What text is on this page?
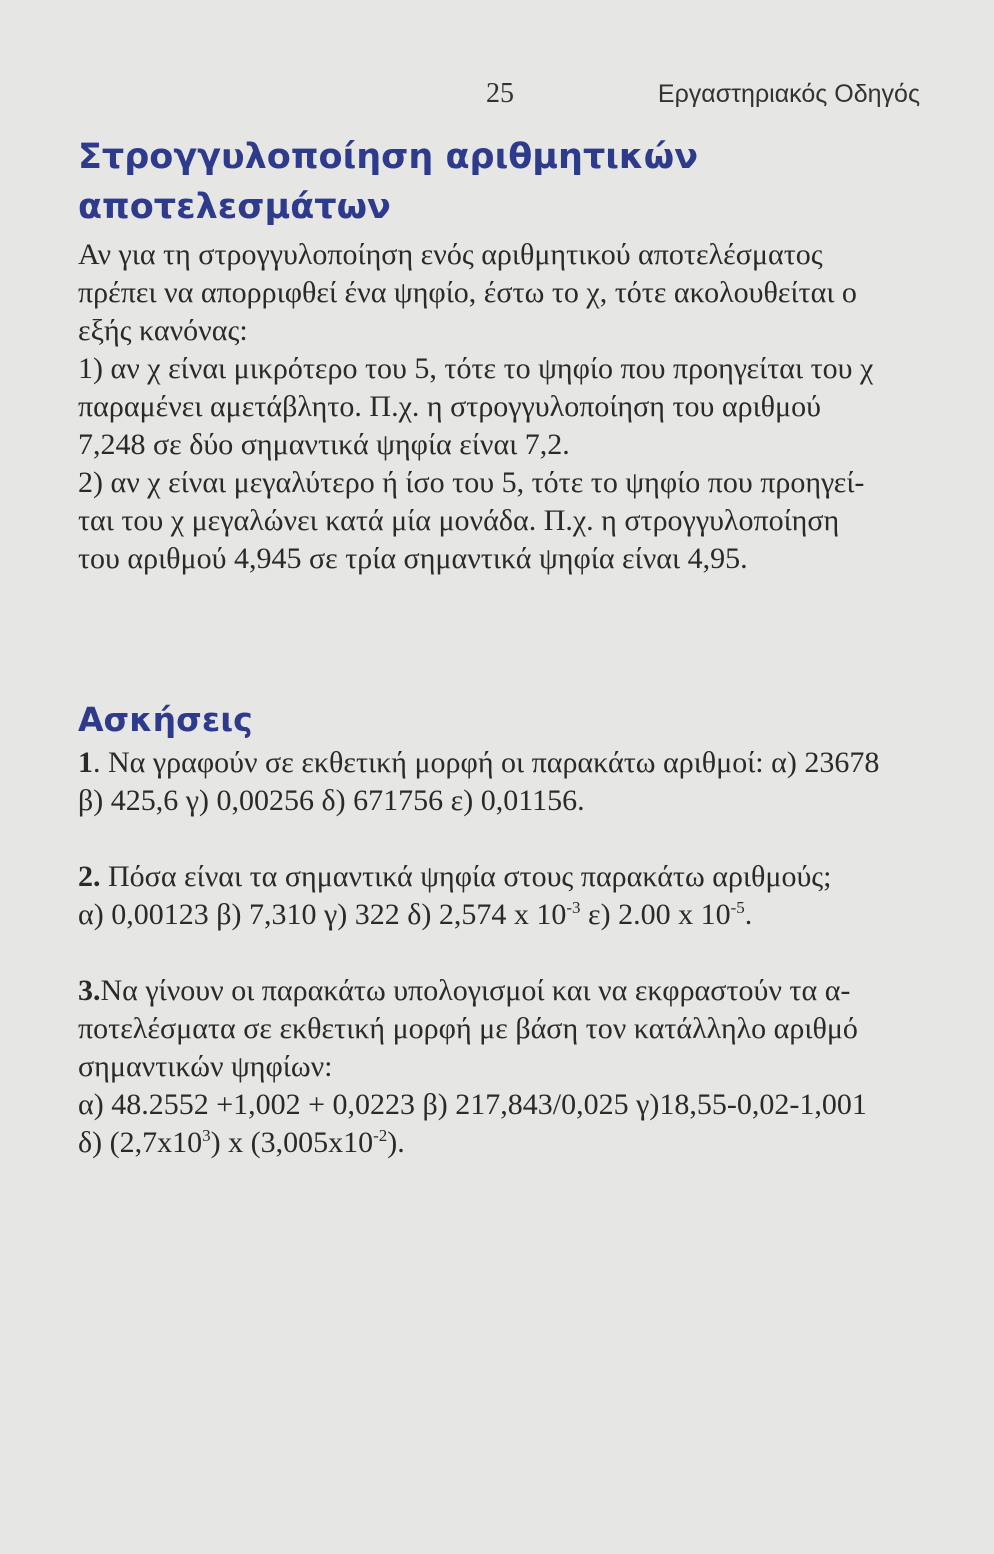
25	Εργαστηριακός Οδηγός
Στρογγυλοποίηση αριθμητικών αποτελεσμάτων

Αν για τη στρογγυλοποίηση ενός αριθμητικού αποτελέσματος
πρέπει να απορριφθεί ένα ψηφίο, έστω το χ, τότε ακολουθείται ο
εξής κανόνας:

1) αν χ είναι μικρότερο του 5, τότε το ψηφίο που προηγείται του χ
παραμένει αμετάβλητο. Π.χ. η στρογγυλοποίηση του αριθμού
7,248 σε δύο σημαντικά ψηφία είναι 7,2.

2) αν χ είναι μεγαλύτερο ή ίσο του 5, τότε το ψηφίο που προηγεί-
ται του χ μεγαλώνει κατά μία μονάδα. Π.χ. η στρογγυλοποίηση
του αριθμού 4,945 σε τρία σημαντικά ψηφία είναι 4,95.

Ασκήσεις

1. Να γραφούν σε εκθετική μορφή οι παρακάτω αριθμοί: α) 23678
β) 425,6 γ) 0,00256 δ) 671756 ε) 0,01156.

2. Πόσα είναι τα σημαντικά ψηφία στους παρακάτω αριθμούς;
α) 0,00123 β) 7,310 γ) 322 δ) 2,574 x $10^{-3}$ ε) 2.00 x $10^{-5}$.

3.Να γίνουν οι παρακάτω υπολογισμοί και να εκφραστούν τα α-
ποτελέσματα σε εκθετική μορφή με βάση τον κατάλληλο αριθμό
σημαντικών ψηφίων:
α) 48.2552 +1,002 + 0,0223 β) 217,843/0,025 γ)18,55-0,02-1,001
δ) $(2,7x10^3)$ x $(3,005x10^{-2})$.
